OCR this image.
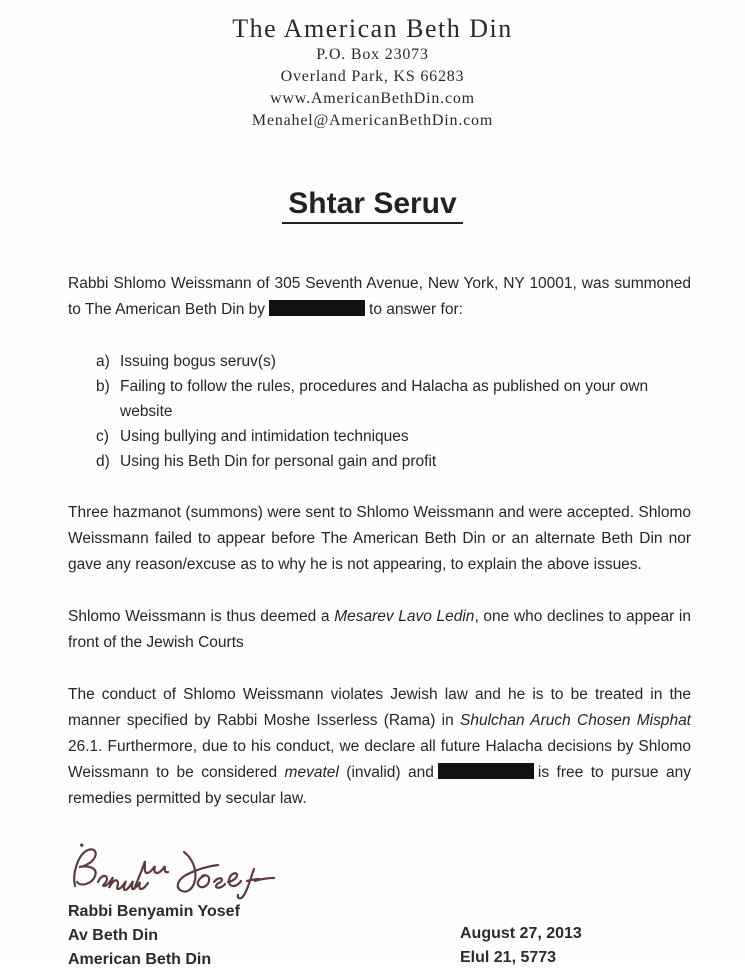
The American Beth Din
P.O. Box 23073
Overland Park, KS 66283
www.AmericanBethDin.com
Menahel@AmericanBethDin.com
Shtar Seruv

Rabbi Shlomo Weissmann of 305 Seventh Avenue, New York, NY 10001, was summoned to The American Beth Din by	to answer for:

a) Issuing bogus seruv(s)
b) Failing to follow the rules, procedures and Halacha as published on your own website
c) Using bullying and intimidation techniques
d) Using his Beth Din for personal gain and profit

Three hazmanot (summons) were sent to Shlomo Weissmann and were accepted. Shlomo Weissmann failed to appear before The American Beth Din or an alternate Beth Din nor gave any reason/excuse as to why he is not appearing, to explain the above issues.

Shlomo Weissmann is thus deemed a Mesarev Lavo Ledin, one who declines to appear in front of the Jewish Courts

The conduct of Shlomo Weissmann violates Jewish law and he is to be treated in the manner specified by Rabbi Moshe Isserless (Rama) in Shulchan Aruch Chosen Misphat 26.1. Furthermore, due to his conduct, we declare all future Halacha decisions by Shlomo Weissmann to be considered mevatel (invalid) and	is free to pursue any remedies permitted by secular law.

Rabbi Benyamin Yosef
Av Beth Din
American Beth Din
August 27, 2013
Elul 21, 5773
